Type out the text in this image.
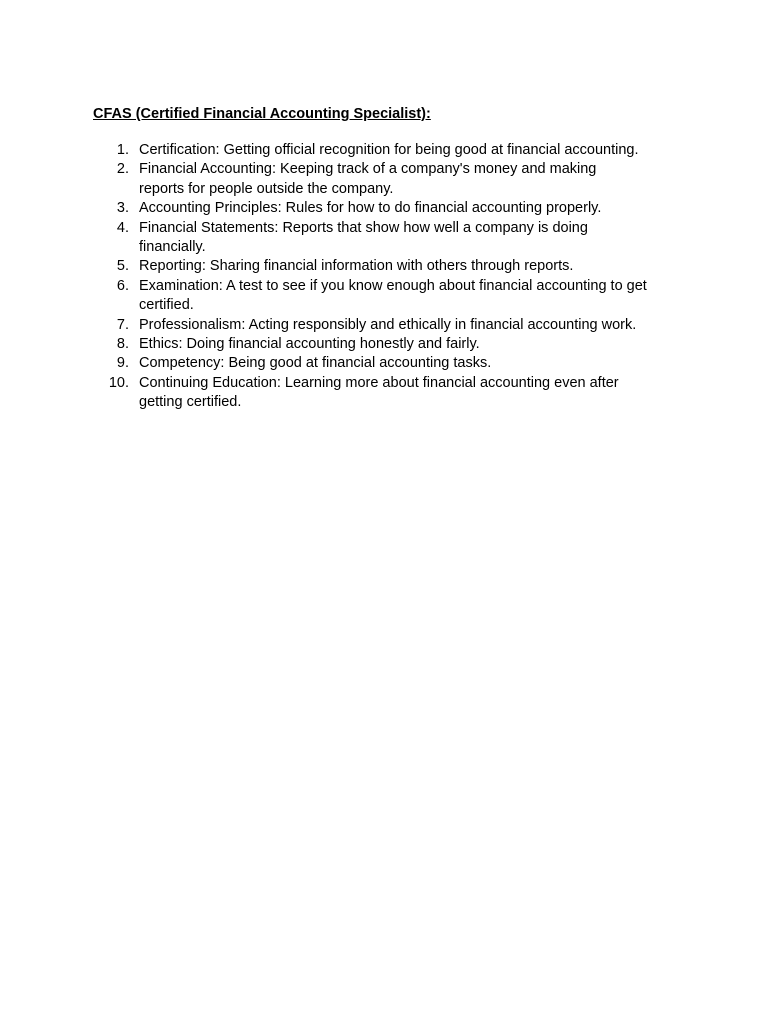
CFAS (Certified Financial Accounting Specialist):
1. Certification: Getting official recognition for being good at financial accounting.
2. Financial Accounting: Keeping track of a company's money and making reports for people outside the company.
3. Accounting Principles: Rules for how to do financial accounting properly.
4. Financial Statements: Reports that show how well a company is doing financially.
5. Reporting: Sharing financial information with others through reports.
6. Examination: A test to see if you know enough about financial accounting to get certified.
7. Professionalism: Acting responsibly and ethically in financial accounting work.
8. Ethics: Doing financial accounting honestly and fairly.
9. Competency: Being good at financial accounting tasks.
10. Continuing Education: Learning more about financial accounting even after getting certified.
